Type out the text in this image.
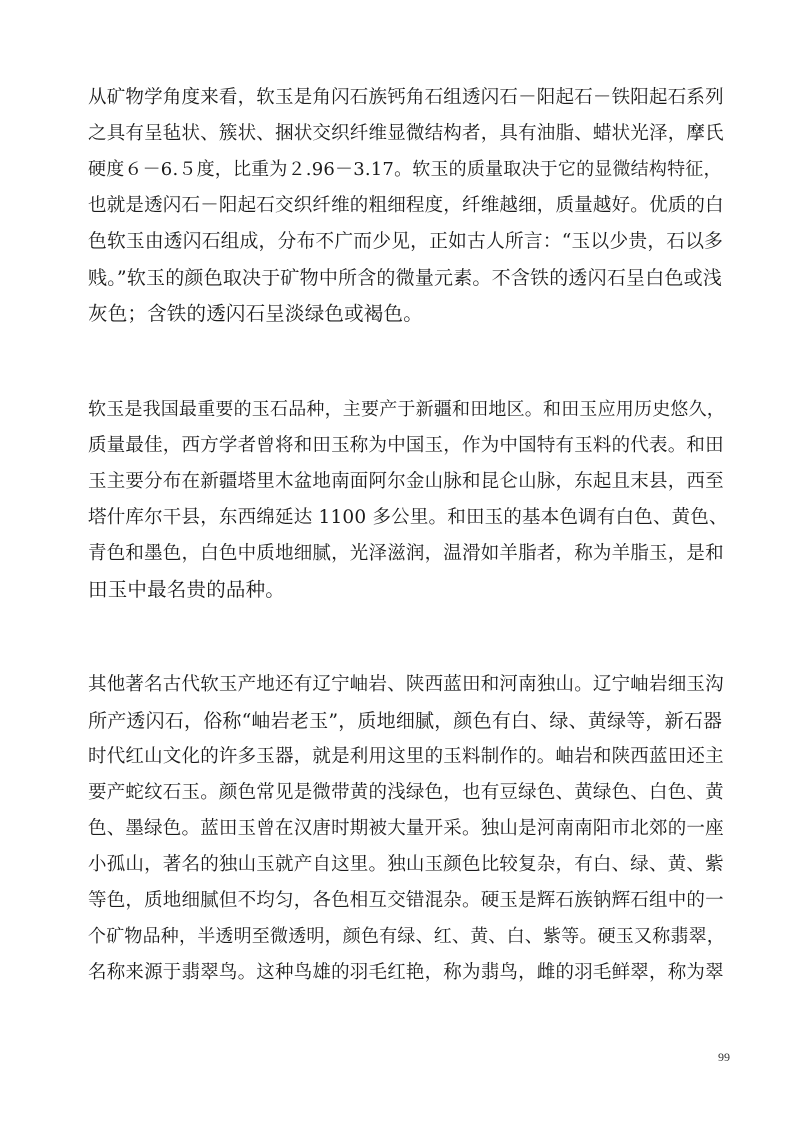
从矿物学角度来看，软玉是角闪石族钙角石组透闪石－阳起石－铁阳起石系列
之具有呈毡状、簇状、捆状交织纤维显微结构者，具有油脂、蜡状光泽，摩氏
硬度６－6.５度，比重为２.96－3.17。软玉的质量取决于它的显微结构特征，
也就是透闪石－阳起石交织纤维的粗细程度，纤维越细，质量越好。优质的白
色软玉由透闪石组成，分布不广而少见，正如古人所言：“玉以少贵，石以多
贱。”软玉的颜色取决于矿物中所含的微量元素。不含铁的透闪石呈白色或浅
灰色；含铁的透闪石呈淡绿色或褐色。
软玉是我国最重要的玉石品种，主要产于新疆和田地区。和田玉应用历史悠久，
质量最佳，西方学者曾将和田玉称为中国玉，作为中国特有玉料的代表。和田
玉主要分布在新疆塔里木盆地南面阿尔金山脉和昆仑山脉，东起且末县，西至
塔什库尔干县，东西绵延达 1100 多公里。和田玉的基本色调有白色、黄色、
青色和墨色，白色中质地细腻，光泽滋润，温滑如羊脂者，称为羊脂玉，是和
田玉中最名贵的品种。
其他著名古代软玉产地还有辽宁岫岩、陕西蓝田和河南独山。辽宁岫岩细玉沟
所产透闪石，俗称“岫岩老玉”，质地细腻，颜色有白、绿、黄绿等，新石器
时代红山文化的许多玉器，就是利用这里的玉料制作的。岫岩和陕西蓝田还主
要产蛇纹石玉。颜色常见是微带黄的浅绿色，也有豆绿色、黄绿色、白色、黄
色、墨绿色。蓝田玉曾在汉唐时期被大量开采。独山是河南南阳市北郊的一座
小孤山，著名的独山玉就产自这里。独山玉颜色比较复杂，有白、绿、黄、紫
等色，质地细腻但不均匀，各色相互交错混杂。硬玉是辉石族钠辉石组中的一
个矿物品种，半透明至微透明，颜色有绿、红、黄、白、紫等。硬玉又称翡翠，
名称来源于翡翠鸟。这种鸟雄的羽毛红艳，称为翡鸟，雌的羽毛鲜翠，称为翠
99
